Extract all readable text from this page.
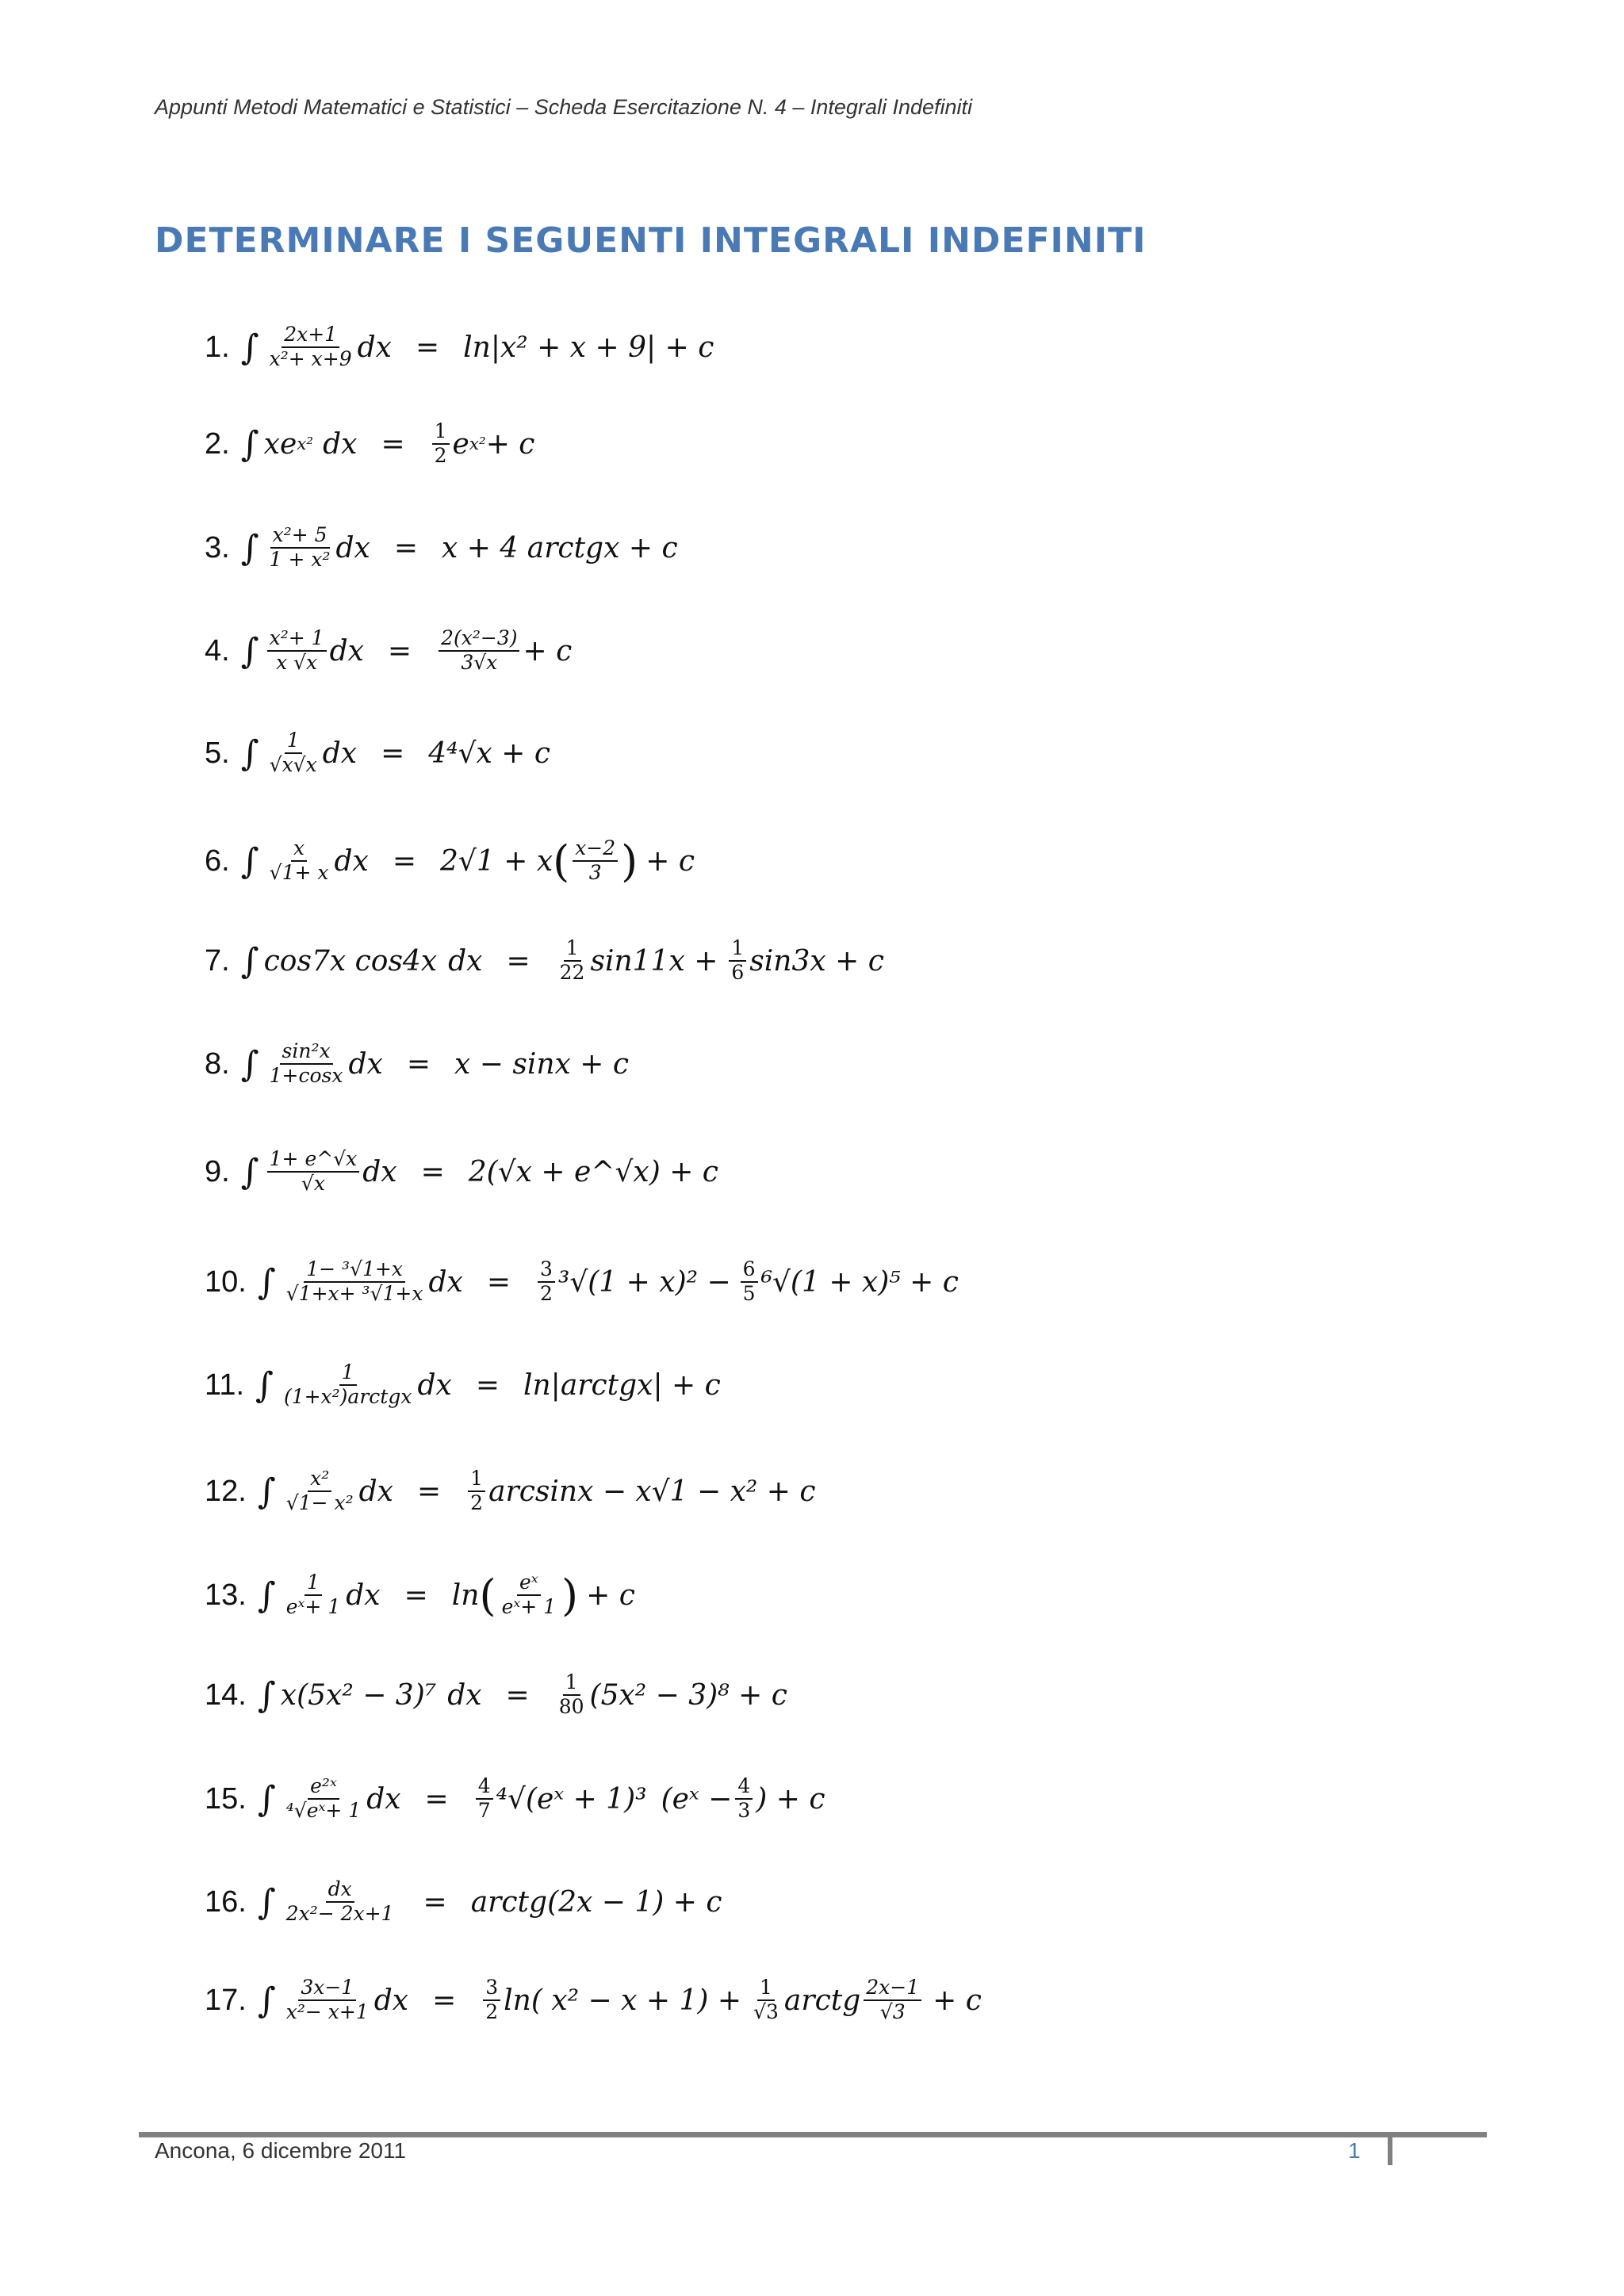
Appunti Metodi Matematici e Statistici – Scheda Esercitazione N. 4 – Integrali Indefiniti
DETERMINARE I SEGUENTI INTEGRALI INDEFINITI
1. ∫ $\frac{2x+1}{\text{x²+ x+9}}$ dx = ln|x² + x + 9| + c
2. ∫ xe x² dx = $\frac{1}{2}$ e x² + c
3. ∫ $\frac{\text{x²+ 5}}{\text{1 + x²}}$ dx = x + 4 arctgx + c
4. ∫ $\frac{\text{x²+ 1}}{x √x}$ dx = $\frac{\text{2(x²−3)}}{3√x} + c$
5. ∫ $\frac{1}{√x√x}$ dx = 4⁴√x + c
6. ∫ $\frac{x}{√1+ x}$ dx = 2√1 + x ( $\frac{x-2}{3}$ ) + c
7. ∫ cos7x cos4x dx = $\frac{1}{22} \sin 11x + \frac{1}{6} \sin 3x + c$
8. ∫ $\frac{\text{sin²x}}{1+\cos x}$ dx = x − sinx + c
9. ∫ $\frac{1+ e\^{}√x}{√x}$ dx = 2(√x + e^√x) + c
10. ∫ $\frac{\text{1− ³√1+x}}{\text{√1+x+ ³√1+x}}$ dx = $\frac{3}{2} ^3√(1 + x)^2 - \frac{6}{5} ^6√(1 + x)^5 + c$
11. ∫ $\frac{1}{\text{(1+x²)arctgx}}$ dx = ln|arctgx| + c
12. ∫ $\frac{\text{x²}}{\text{√1− x²}}$ dx = $\frac{1}{2}$ arcsinx − x√1 − x² + c
13. ∫ $\frac{1}{\text{eˣ+ 1}}$ dx = ln ( $\frac{\text{eˣ}}{\text{eˣ+ 1}}$ ) + c
14. ∫ x(5x² − 3)⁷ dx = $\frac{1}{80} (5x^2 - 3)^8 + c$
15. ∫ $\frac{\text{e²ˣ}}{\text{⁴√eˣ+ 1}}$ dx = $\frac{4}{7}$ ⁴√(eˣ + 1)³ (eˣ − $\frac{4}{3}$ ) + c
16. ∫ $\frac{dx}{\text{2x²− 2x+1}}$ = arctg(2x − 1) + c
17. ∫ $\frac{3x-1}{\text{x²− x+1}}$ dx = $\frac{3}{2} \ln$( $x^2 - x + 1) + \frac{1}{√3}$ arctg $\frac{2x-1}{√3} + c$
Ancona, 6 dicembre 2011	1
